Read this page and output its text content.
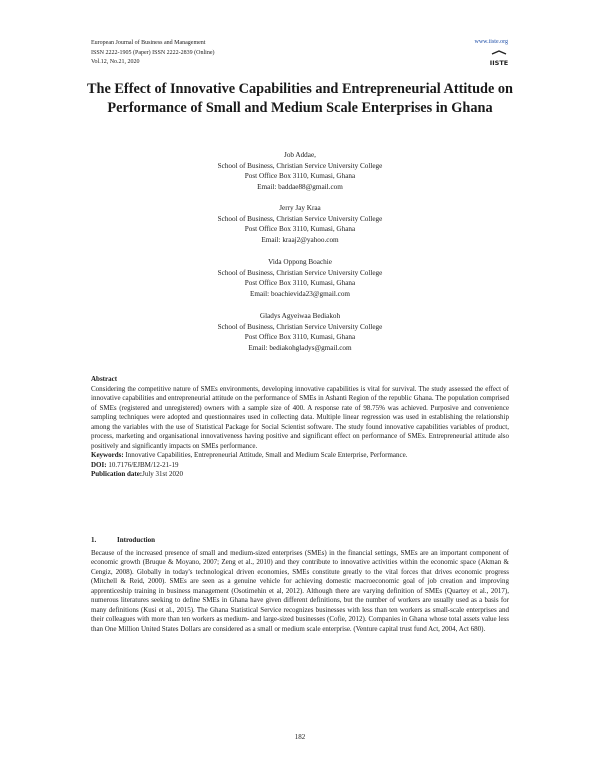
European Journal of Business and Management
ISSN 2222-1905 (Paper) ISSN 2222-2839 (Online)
Vol.12, No.21, 2020
www.iiste.org
IISTE
The Effect of Innovative Capabilities and Entrepreneurial Attitude on Performance of Small and Medium Scale Enterprises in Ghana
Job Addae,
School of Business, Christian Service University College
Post Office Box 3110, Kumasi, Ghana
Email: baddae88@gmail.com
Jerry Jay Kraa
School of Business, Christian Service University College
Post Office Box 3110, Kumasi, Ghana
Email: kraaj2@yahoo.com
Vida Oppong Boachie
School of Business, Christian Service University College
Post Office Box 3110, Kumasi, Ghana
Email: boachievida23@gmail.com
Gladys Agyeiwaa Bediakoh
School of Business, Christian Service University College
Post Office Box 3110, Kumasi, Ghana
Email: bediakohgladys@gmail.com
Abstract
Considering the competitive nature of SMEs environments, developing innovative capabilities is vital for survival. The study assessed the effect of innovative capabilities and entrepreneurial attitude on the performance of SMEs in Ashanti Region of the republic Ghana. The population comprised of SMEs (registered and unregistered) owners with a sample size of 400. A response rate of 98.75% was achieved. Purposive and convenience sampling techniques were adopted and questionnaires used in collecting data. Multiple linear regression was used in establishing the relationship among the variables with the use of Statistical Package for Social Scientist software. The study found innovative capabilities variables of product, process, marketing and organisational innovativeness having positive and significant effect on performance of SMEs. Entrepreneurial attitude also positively and significantly impacts on SMEs performance.
Keywords: Innovative Capabilities, Entrepreneurial Attitude, Small and Medium Scale Enterprise, Performance.
DOI: 10.7176/EJBM/12-21-19
Publication date:July 31st 2020
1.	Introduction
Because of the increased presence of small and medium-sized enterprises (SMEs) in the financial settings, SMEs are an important component of economic growth (Bruque & Moyano, 2007; Zeng et al., 2010) and they contribute to innovative activities within the economic space (Akman & Cengiz, 2008). Globally in today's technological driven economies, SMEs constitute greatly to the vital forces that drives economic progress (Mitchell & Reid, 2000). SMEs are seen as a genuine vehicle for achieving domestic macroeconomic goal of job creation and improving apprenticeship training in business management (Osotimehin et al, 2012). Although there are varying definition of SMEs (Quartey et al., 2017), numerous literatures seeking to define SMEs in Ghana have given different definitions, but the number of workers are usually used as a basis for many definitions (Kusi et al., 2015). The Ghana Statistical Service recognizes businesses with less than ten workers as small-scale enterprises and their colleagues with more than ten workers as medium- and large-sized businesses (Cofie, 2012). Companies in Ghana whose total assets value less than One Million United States Dollars are considered as a small or medium scale enterprise. (Venture capital trust fund Act, 2004, Act 680).
182
